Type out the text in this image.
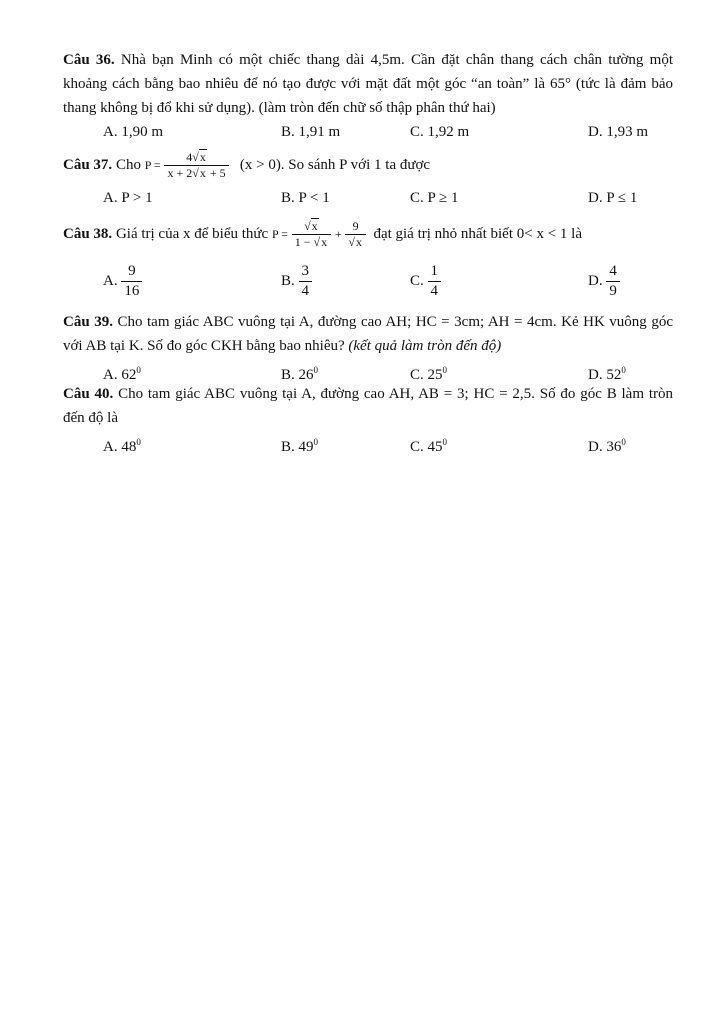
Câu 36. Nhà bạn Minh có một chiếc thang dài 4,5m. Cần đặt chân thang cách chân tường một khoảng cách bằng bao nhiêu để nó tạo được với mặt đất một góc “an toàn” là 65° (tức là đảm bảo thang không bị đổ khi sử dụng). (làm tròn đến chữ số thập phân thứ hai)
A. 1,90 m	B. 1,91 m	C. 1,92 m	D. 1,93 m
Câu 37. Cho $P = \frac{4√x}{x + 2√x + 5} (x > 0)$. So sánh P với 1 ta được
A. P > 1	B. P < 1	C. P ≥ 1	D. P ≤ 1
Câu 38. Giá trị của x để biểu thức $P = \frac{√x}{1 - √x} + \frac{9}{√x}$ đạt giá trị nhỏ nhất biết 0< x < 1 là
A. $\frac{9}{16}$	B. $\frac{3}{4}$	C. $\frac{1}{4}$	D. $\frac{4}{9}$
Câu 39. Cho tam giác ABC vuông tại A, đường cao AH; HC = 3cm; AH = 4cm. Kẻ HK vuông góc với AB tại K. Số đo góc CKH bằng bao nhiêu? (kết quả làm tròn đến độ)
A. $62^0$	B. $26^0$	C. $25^0$	D. $52^0$
Câu 40. Cho tam giác ABC vuông tại A, đường cao AH, AB = 3; HC = 2,5. Số đo góc B làm tròn đến độ là
A. $48^0$	B. $49^0$	C. $45^0$	D. $36^0$
